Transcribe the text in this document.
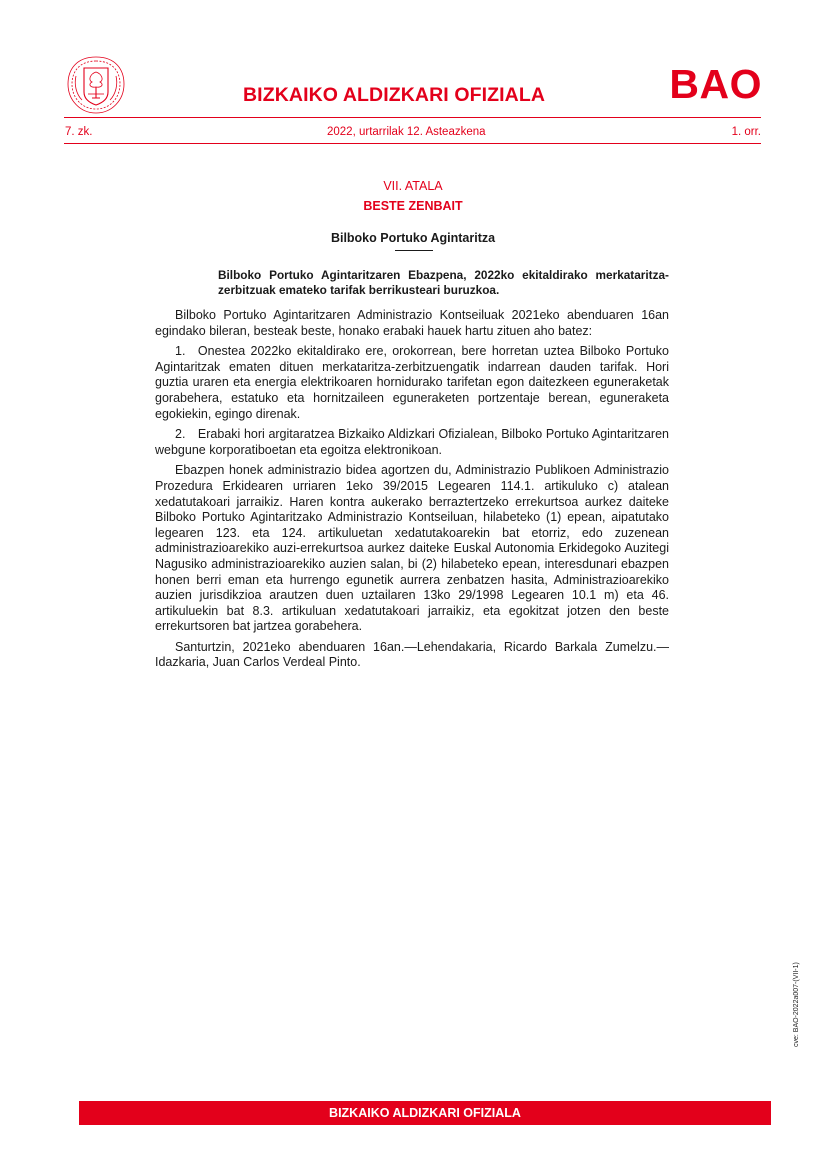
BIZKAIKO ALDIZKARI OFIZIALA	BAO
7. zk.	2022, urtarrilak 12. Asteazkena	1. orr.
VII. ATALA
BESTE ZENBAIT
Bilboko Portuko Agintaritza
Bilboko Portuko Agintaritzaren Ebazpena, 2022ko ekitaldirako merkataritza-zerbitzuak emateko tarifak berrikusteari buruzkoa.

Bilboko Portuko Agintaritzaren Administrazio Kontseiluak 2021eko abenduaren 16an egindako bileran, besteak beste, honako erabaki hauek hartu zituen aho batez:

1. Onestea 2022ko ekitaldirako ere, orokorrean, bere horretan uztea Bilboko Portuko Agintaritzak ematen dituen merkataritza-zerbitzuengatik indarrean dauden tarifak. Hori guztia uraren eta energia elektrikoaren hornidurako tarifetan egon daitezkeen eguneraketak gorabehera, estatuko eta hornitzaileen eguneraketen portzentaje berean, eguneraketa egokiekin, egingo direnak.

2. Erabaki hori argitaratzea Bizkaiko Aldizkari Ofizialean, Bilboko Portuko Agintaritzaren webgune korporatiboetan eta egoitza elektronikoan.

Ebazpen honek administrazio bidea agortzen du, Administrazio Publikoen Administrazio Prozedura Erkidearen urriaren 1eko 39/2015 Legearen 114.1. artikuluko c) atalean xedatutakoari jarraikiz. Haren kontra aukerako berraztertzeko errekurtsoa aurkez daiteke Bilboko Portuko Agintaritzako Administrazio Kontseiluan, hilabeteko (1) epean, aipatutako legearen 123. eta 124. artikuluetan xedatutakoarekin bat etorriz, edo zuzenean administrazioarekiko auzi-errekurtsoa aurkez daiteke Euskal Autonomia Erkidegoko Auzitegi Nagusiko administrazioarekiko auzien salan, bi (2) hilabeteko epean, interesdunari ebazpen honen berri eman eta hurrengo egunetik aurrera zenbatzen hasita, Administrazioarekiko auzien jurisdikzioa arautzen duen uztailaren 13ko 29/1998 Legearen 10.1 m) eta 46. artikuluekin bat 8.3. artikuluan xedatutakoari jarraikiz, eta egokitzat jotzen den beste errekurtsoren bat jartzea gorabehera.

Santurtzin, 2021eko abenduaren 16an.—Lehendakaria, Ricardo Barkala Zumelzu.—Idazkaria, Juan Carlos Verdeal Pinto.

cve: BAO-2022a007-(VII-1)
BIZKAIKO ALDIZKARI OFIZIALA
